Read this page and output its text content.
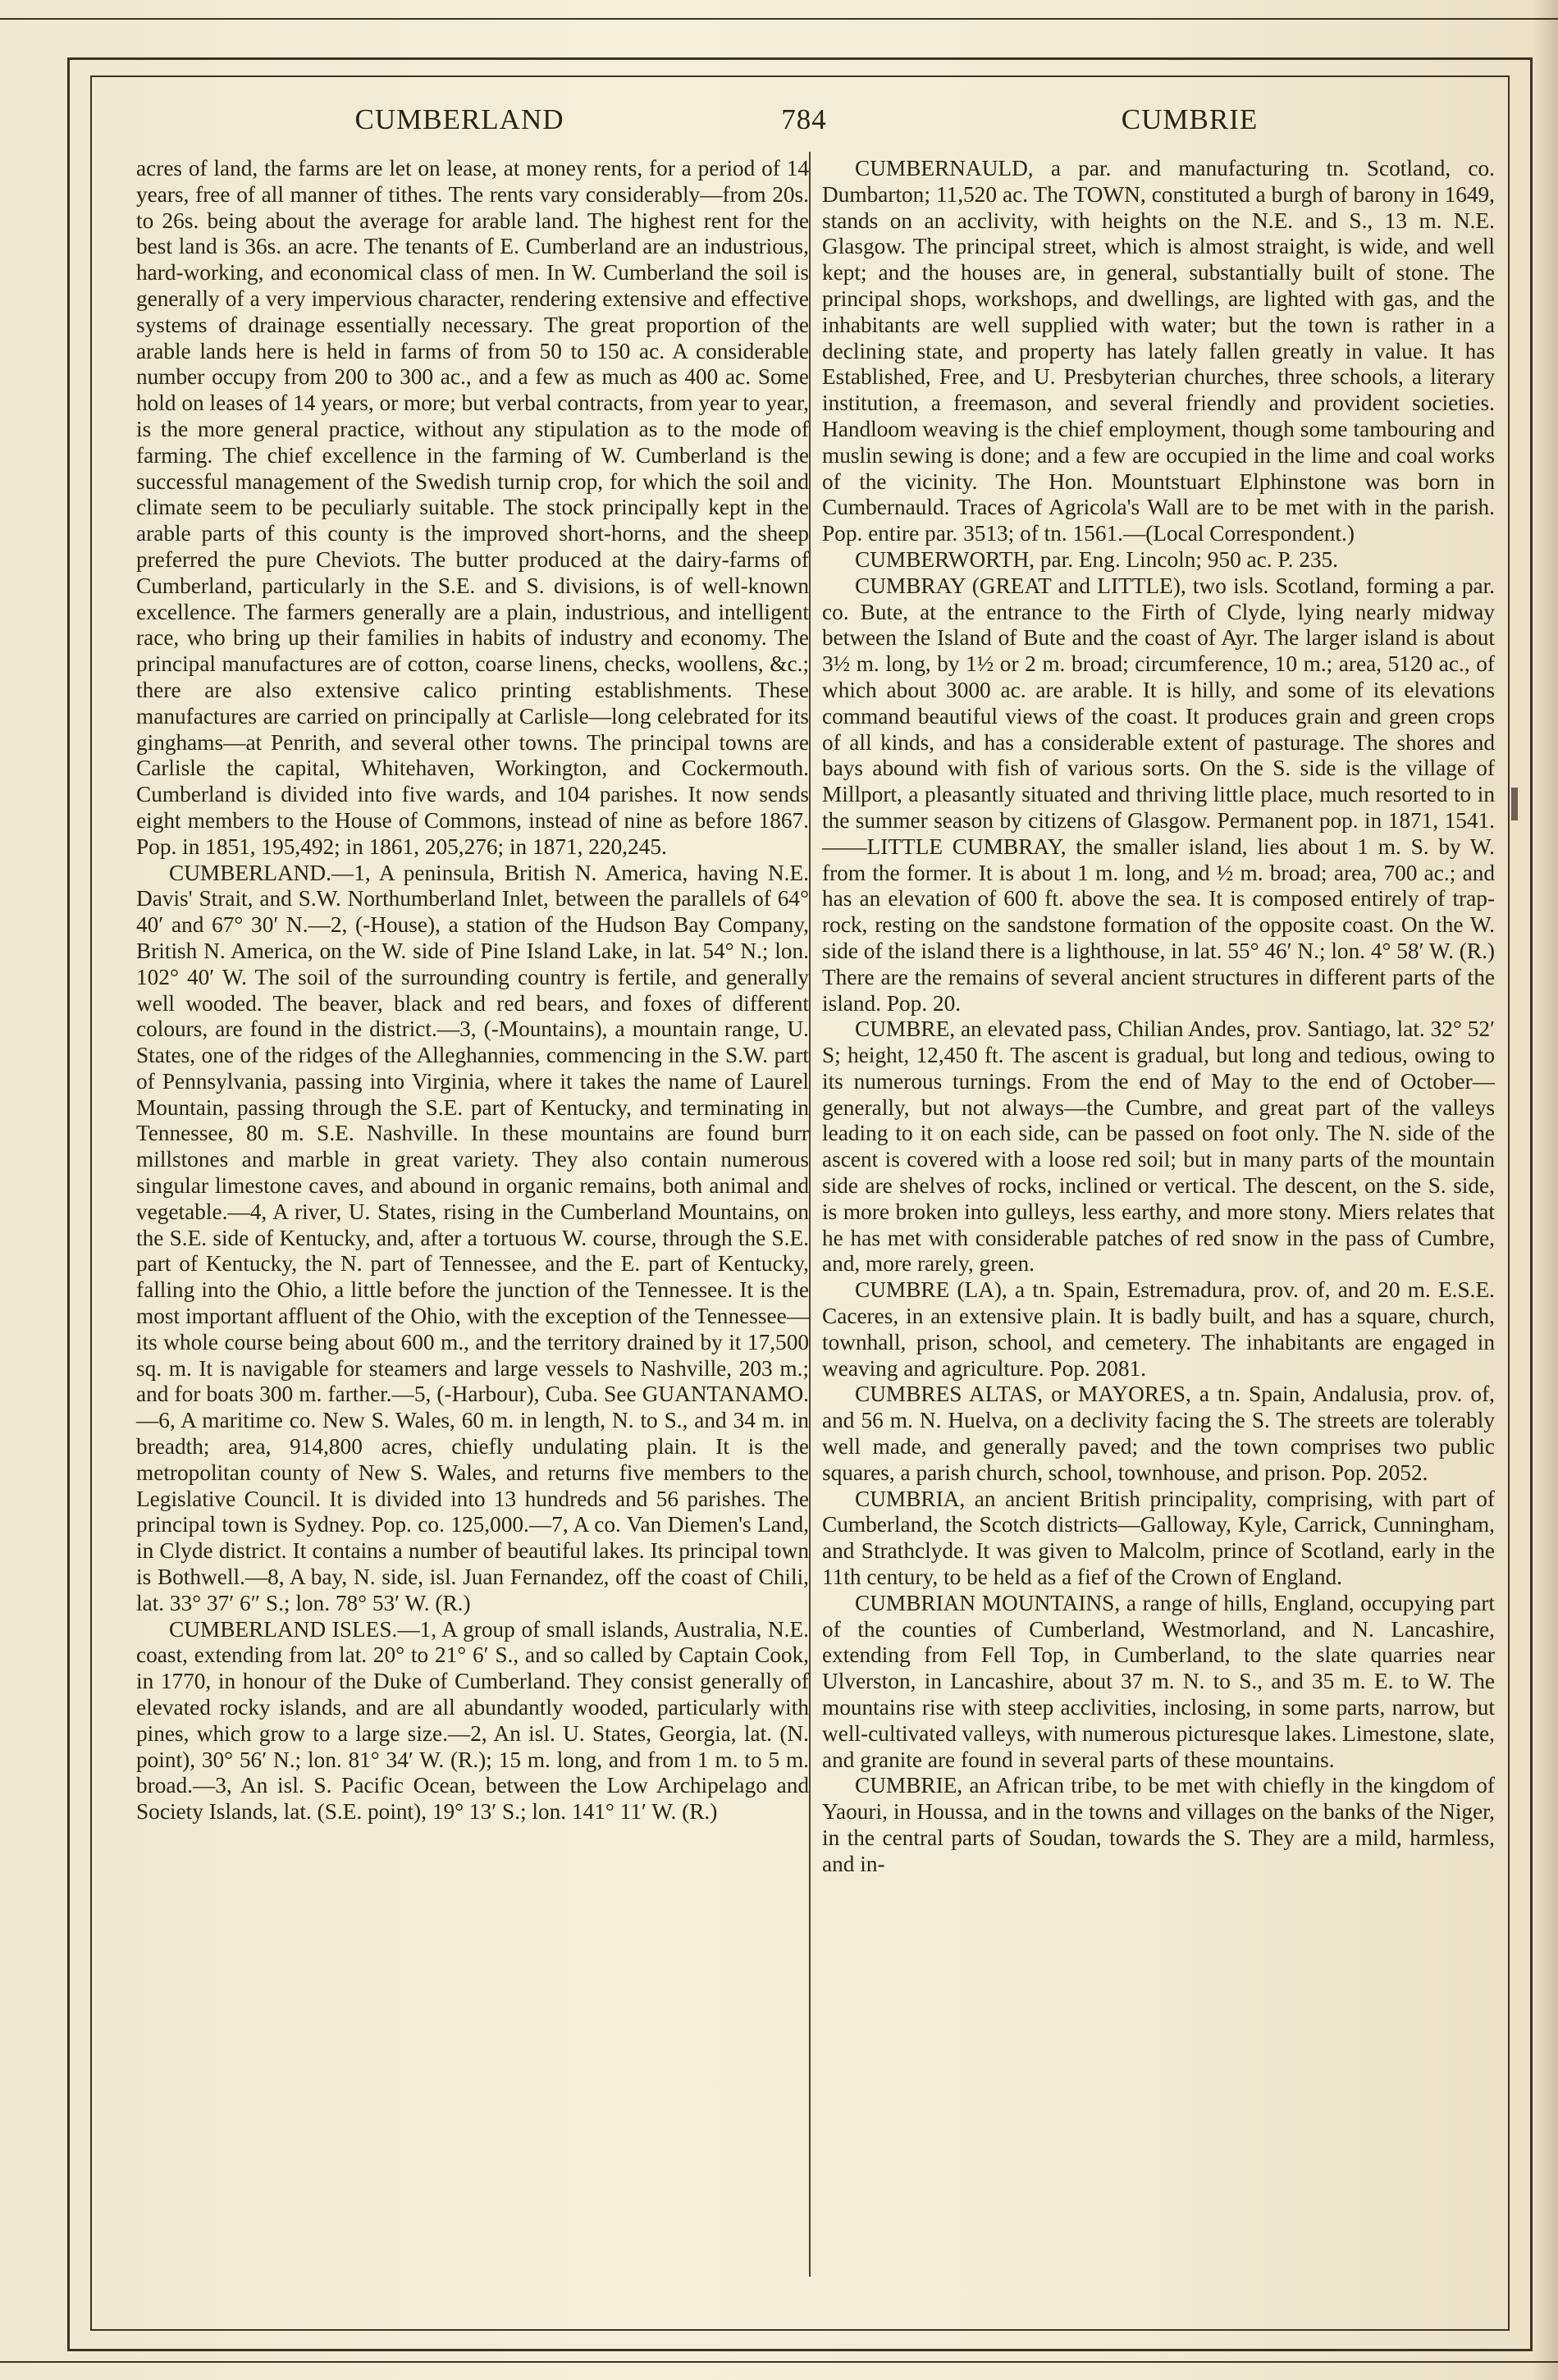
CUMBERLAND	784	CUMBRIE

acres of land, the farms are let on lease, at money rents, for a period of 14 years, free of all manner of tithes. The rents vary considerably—from 20s. to 26s. being about the average for arable land. The highest rent for the best land is 36s. an acre. The tenants of E. Cumberland are an industrious, hard-working, and economical class of men. In W. Cumberland the soil is generally of a very impervious character, rendering extensive and effective systems of drainage essentially necessary. The great proportion of the arable lands here is held in farms of from 50 to 150 ac. A considerable number occupy from 200 to 300 ac., and a few as much as 400 ac. Some hold on leases of 14 years, or more; but verbal contracts, from year to year, is the more general practice, without any stipulation as to the mode of farming. The chief excellence in the farming of W. Cumberland is the successful management of the Swedish turnip crop, for which the soil and climate seem to be peculiarly suitable. The stock principally kept in the arable parts of this county is the improved short-horns, and the sheep preferred the pure Cheviots. The butter produced at the dairy-farms of Cumberland, particularly in the S.E. and S. divisions, is of well-known excellence. The farmers generally are a plain, industrious, and intelligent race, who bring up their families in habits of industry and economy. The principal manufactures are of cotton, coarse linens, checks, woollens, &c.; there are also extensive calico printing establishments. These manufactures are carried on principally at Carlisle—long celebrated for its ginghams—at Penrith, and several other towns. The principal towns are Carlisle the capital, Whitehaven, Workington, and Cockermouth. Cumberland is divided into five wards, and 104 parishes. It now sends eight members to the House of Commons, instead of nine as before 1867. Pop. in 1851, 195,492; in 1861, 205,276; in 1871, 220,245.

CUMBERLAND.—1, A peninsula, British N. America, having N.E. Davis' Strait, and S.W. Northumberland Inlet, between the parallels of 64° 40′ and 67° 30′ N.—2, (-House), a station of the Hudson Bay Company, British N. America, on the W. side of Pine Island Lake, in lat. 54° N.; lon. 102° 40′ W. The soil of the surrounding country is fertile, and generally well wooded. The beaver, black and red bears, and foxes of different colours, are found in the district.—3, (-Mountains), a mountain range, U. States, one of the ridges of the Alleghannies, commencing in the S.W. part of Pennsylvania, passing into Virginia, where it takes the name of Laurel Mountain, passing through the S.E. part of Kentucky, and terminating in Tennessee, 80 m. S.E. Nashville. In these mountains are found burr millstones and marble in great variety. They also contain numerous singular limestone caves, and abound in organic remains, both animal and vegetable.—4, A river, U. States, rising in the Cumberland Mountains, on the S.E. side of Kentucky, and, after a tortuous W. course, through the S.E. part of Kentucky, the N. part of Tennessee, and the E. part of Kentucky, falling into the Ohio, a little before the junction of the Tennessee. It is the most important affluent of the Ohio, with the exception of the Tennessee—its whole course being about 600 m., and the territory drained by it 17,500 sq. m. It is navigable for steamers and large vessels to Nashville, 203 m.; and for boats 300 m. farther.—5, (-Harbour), Cuba. See GUANTANAMO.—6, A maritime co. New S. Wales, 60 m. in length, N. to S., and 34 m. in breadth; area, 914,800 acres, chiefly undulating plain. It is the metropolitan county of New S. Wales, and returns five members to the Legislative Council. It is divided into 13 hundreds and 56 parishes. The principal town is Sydney. Pop. co. 125,000.—7, A co. Van Diemen's Land, in Clyde district. It contains a number of beautiful lakes. Its principal town is Bothwell.—8, A bay, N. side, isl. Juan Fernandez, off the coast of Chili, lat. 33° 37′ 6″ S.; lon. 78° 53′ W. (R.)

CUMBERLAND ISLES.—1, A group of small islands, Australia, N.E. coast, extending from lat. 20° to 21° 6′ S., and so called by Captain Cook, in 1770, in honour of the Duke of Cumberland. They consist generally of elevated rocky islands, and are all abundantly wooded, particularly with pines, which grow to a large size.—2, An isl. U. States, Georgia, lat. (N. point), 30° 56′ N.; lon. 81° 34′ W. (R.); 15 m. long, and from 1 m. to 5 m. broad.—3, An isl. S. Pacific Ocean, between the Low Archipelago and Society Islands, lat. (S.E. point), 19° 13′ S.; lon. 141° 11′ W. (R.)

CUMBERNAULD, a par. and manufacturing tn. Scotland, co. Dumbarton; 11,520 ac. The TOWN, constituted a burgh of barony in 1649, stands on an acclivity, with heights on the N.E. and S., 13 m. N.E. Glasgow. The principal street, which is almost straight, is wide, and well kept; and the houses are, in general, substantially built of stone. The principal shops, workshops, and dwellings, are lighted with gas, and the inhabitants are well supplied with water; but the town is rather in a declining state, and property has lately fallen greatly in value. It has Established, Free, and U. Presbyterian churches, three schools, a literary institution, a freemason, and several friendly and provident societies. Handloom weaving is the chief employment, though some tambouring and muslin sewing is done; and a few are occupied in the lime and coal works of the vicinity. The Hon. Mountstuart Elphinstone was born in Cumbernauld. Traces of Agricola's Wall are to be met with in the parish. Pop. entire par. 3513; of tn. 1561.—(Local Correspondent.)

CUMBERWORTH, par. Eng. Lincoln; 950 ac. P. 235.

CUMBRAY (GREAT and LITTLE), two isls. Scotland, forming a par. co. Bute, at the entrance to the Firth of Clyde, lying nearly midway between the Island of Bute and the coast of Ayr. The larger island is about 3½ m. long, by 1½ or 2 m. broad; circumference, 10 m.; area, 5120 ac., of which about 3000 ac. are arable. It is hilly, and some of its elevations command beautiful views of the coast. It produces grain and green crops of all kinds, and has a considerable extent of pasturage. The shores and bays abound with fish of various sorts. On the S. side is the village of Millport, a pleasantly situated and thriving little place, much resorted to in the summer season by citizens of Glasgow. Permanent pop. in 1871, 1541.——LITTLE CUMBRAY, the smaller island, lies about 1 m. S. by W. from the former. It is about 1 m. long, and ½ m. broad; area, 700 ac.; and has an elevation of 600 ft. above the sea. It is composed entirely of trap-rock, resting on the sandstone formation of the opposite coast. On the W. side of the island there is a lighthouse, in lat. 55° 46′ N.; lon. 4° 58′ W. (R.) There are the remains of several ancient structures in different parts of the island. Pop. 20.

CUMBRE, an elevated pass, Chilian Andes, prov. Santiago, lat. 32° 52′ S; height, 12,450 ft. The ascent is gradual, but long and tedious, owing to its numerous turnings. From the end of May to the end of October—generally, but not always—the Cumbre, and great part of the valleys leading to it on each side, can be passed on foot only. The N. side of the ascent is covered with a loose red soil; but in many parts of the mountain side are shelves of rocks, inclined or vertical. The descent, on the S. side, is more broken into gulleys, less earthy, and more stony. Miers relates that he has met with considerable patches of red snow in the pass of Cumbre, and, more rarely, green.

CUMBRE (LA), a tn. Spain, Estremadura, prov. of, and 20 m. E.S.E. Caceres, in an extensive plain. It is badly built, and has a square, church, townhall, prison, school, and cemetery. The inhabitants are engaged in weaving and agriculture. Pop. 2081.

CUMBRES ALTAS, or MAYORES, a tn. Spain, Andalusia, prov. of, and 56 m. N. Huelva, on a declivity facing the S. The streets are tolerably well made, and generally paved; and the town comprises two public squares, a parish church, school, townhouse, and prison. Pop. 2052.

CUMBRIA, an ancient British principality, comprising, with part of Cumberland, the Scotch districts—Galloway, Kyle, Carrick, Cunningham, and Strathclyde. It was given to Malcolm, prince of Scotland, early in the 11th century, to be held as a fief of the Crown of England.

CUMBRIAN MOUNTAINS, a range of hills, England, occupying part of the counties of Cumberland, Westmorland, and N. Lancashire, extending from Fell Top, in Cumberland, to the slate quarries near Ulverston, in Lancashire, about 37 m. N. to S., and 35 m. E. to W. The mountains rise with steep acclivities, inclosing, in some parts, narrow, but well-cultivated valleys, with numerous picturesque lakes. Limestone, slate, and granite are found in several parts of these mountains.

CUMBRIE, an African tribe, to be met with chiefly in the kingdom of Yaouri, in Houssa, and in the towns and villages on the banks of the Niger, in the central parts of Soudan, towards the S. They are a mild, harmless, and in-
